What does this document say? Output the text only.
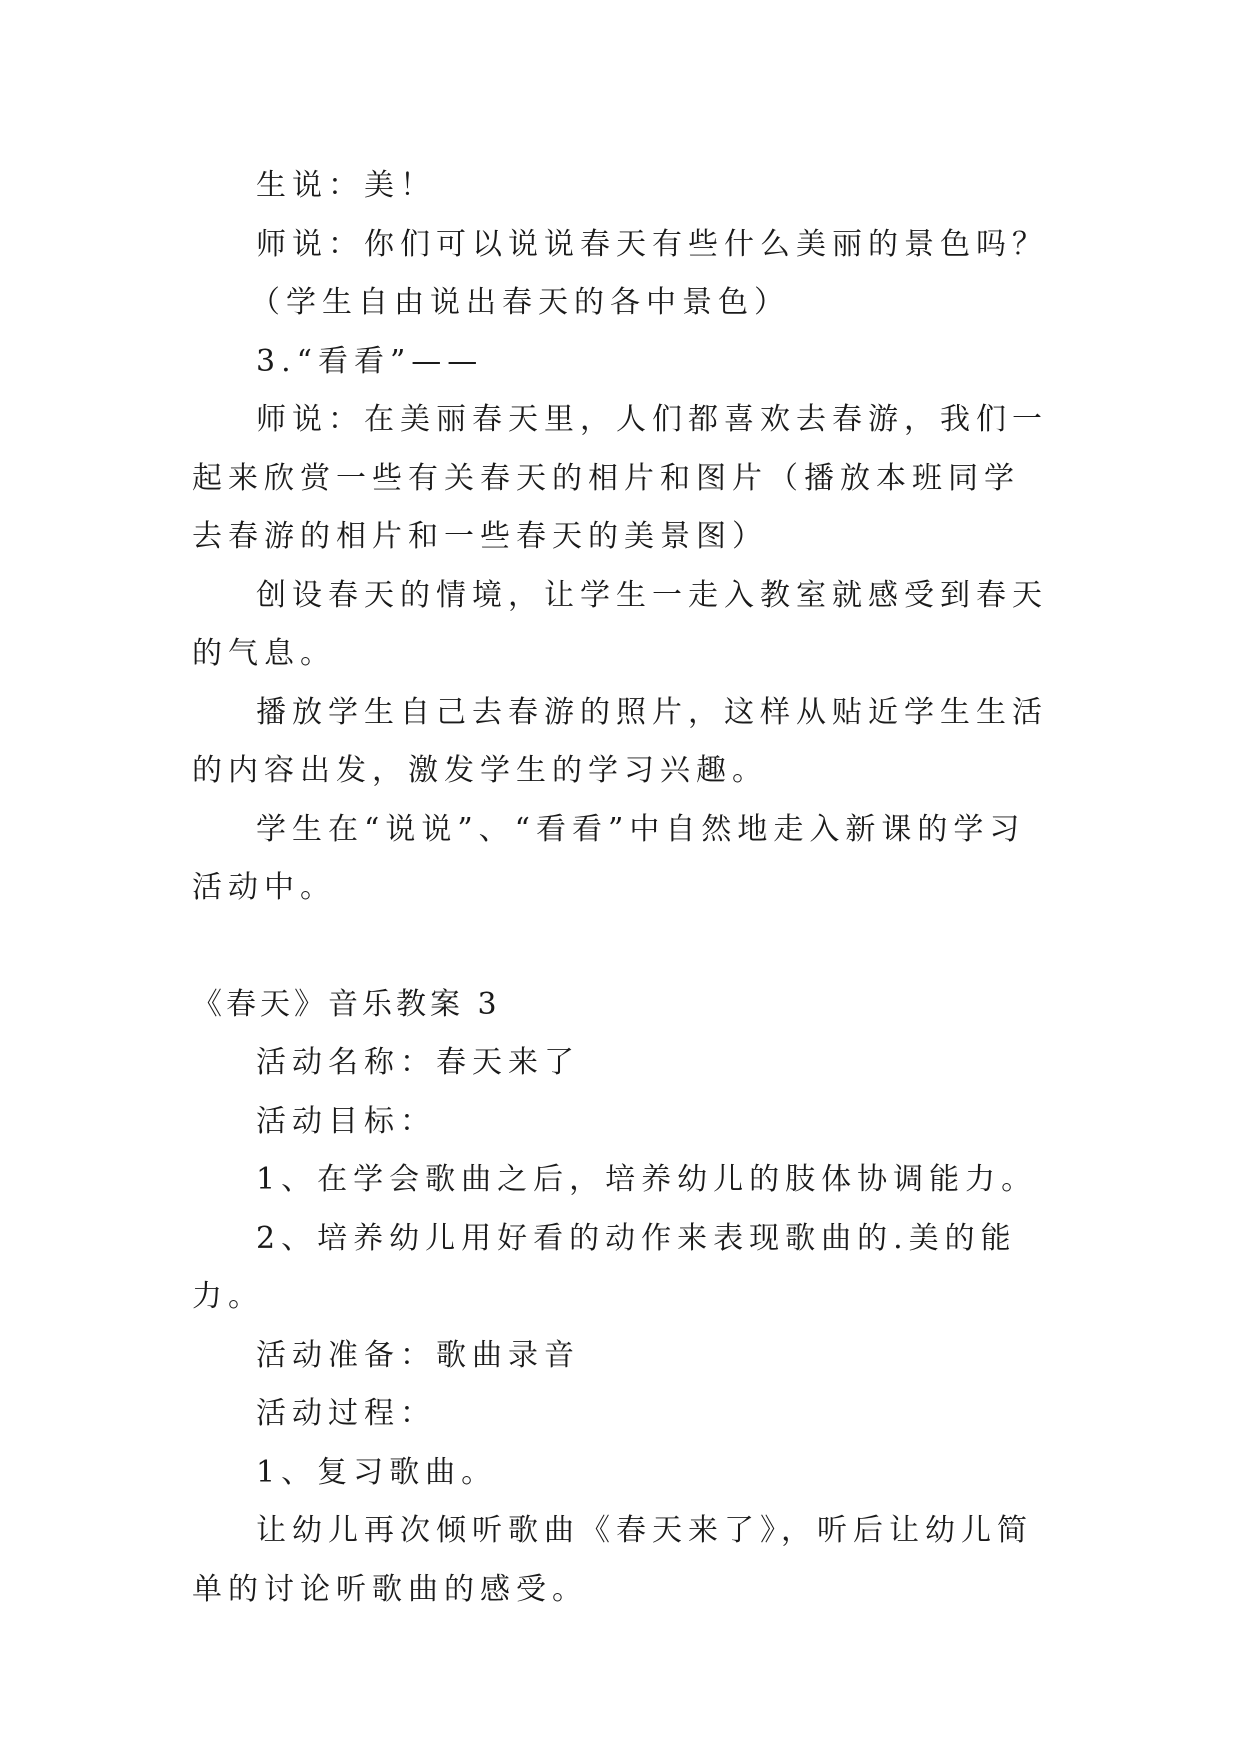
生说：美！

师说：你们可以说说春天有些什么美丽的景色吗？

（学生自由说出春天的各中景色）

3.“看看”——

师说：在美丽春天里，人们都喜欢去春游，我们一起来欣赏一些有关春天的相片和图片（播放本班同学去春游的相片和一些春天的美景图）

创设春天的情境，让学生一走入教室就感受到春天的气息。

播放学生自己去春游的照片，这样从贴近学生生活的内容出发，激发学生的学习兴趣。

学生在“说说”、“看看”中自然地走入新课的学习活动中。

《春天》音乐教案 3

活动名称：春天来了

活动目标：

1、在学会歌曲之后，培养幼儿的肢体协调能力。

2、培养幼儿用好看的动作来表现歌曲的.美的能力。

活动准备：歌曲录音

活动过程：

1、复习歌曲。

让幼儿再次倾听歌曲《春天来了》，听后让幼儿简单的讨论听歌曲的感受。
